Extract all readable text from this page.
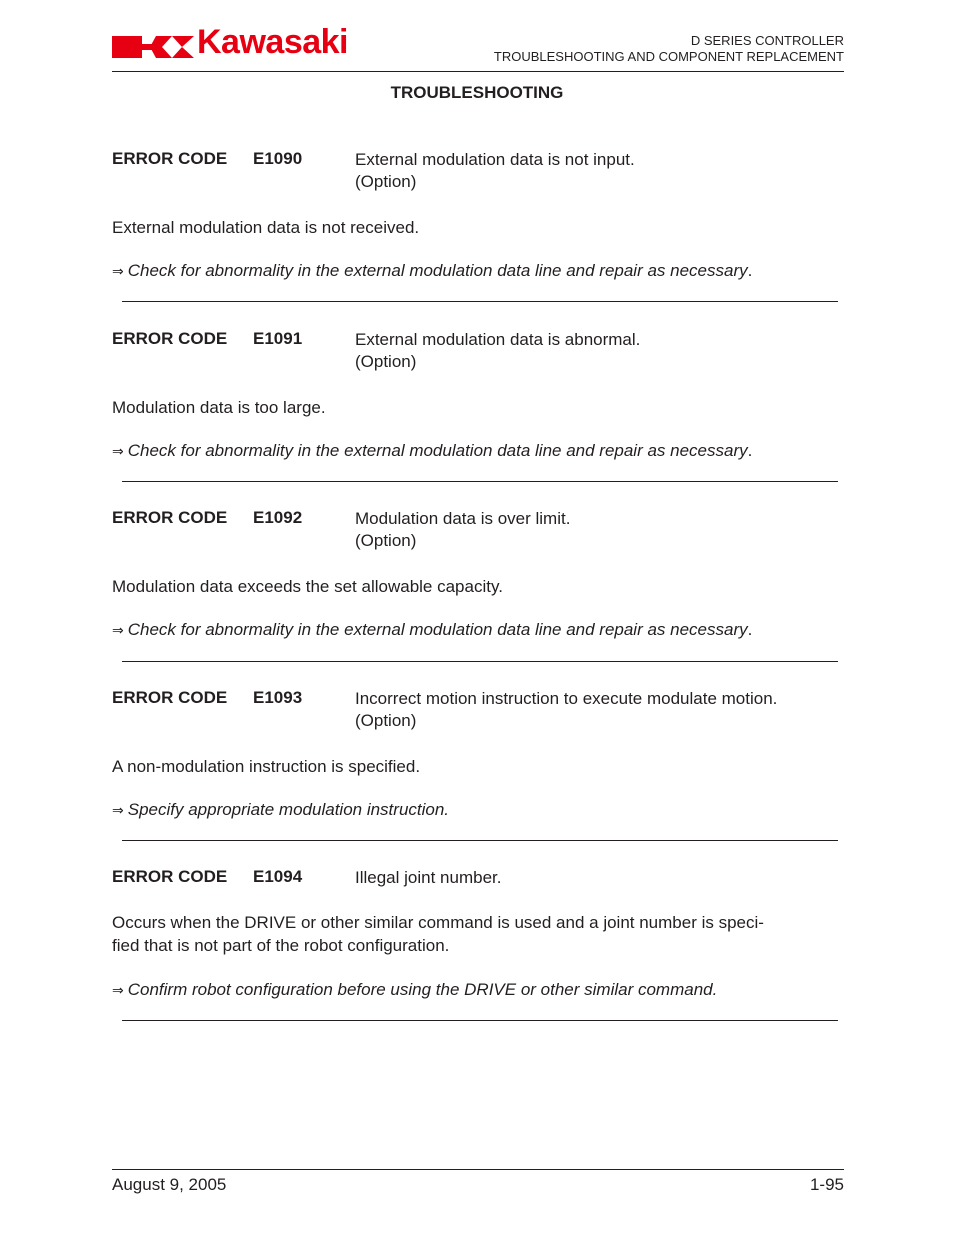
Kawasaki	D SERIES CONTROLLER
TROUBLESHOOTING AND COMPONENT REPLACEMENT
TROUBLESHOOTING
ERROR CODE E1090	External modulation data is not input.
(Option)
External modulation data is not received.
⇒ Check for abnormality in the external modulation data line and repair as necessary.
ERROR CODE E1091	External modulation data is abnormal.
(Option)
Modulation data is too large.
⇒ Check for abnormality in the external modulation data line and repair as necessary.
ERROR CODE E1092	Modulation data is over limit.
(Option)
Modulation data exceeds the set allowable capacity.
⇒ Check for abnormality in the external modulation data line and repair as necessary.
ERROR CODE E1093	Incorrect motion instruction to execute modulate motion.
(Option)
A non-modulation instruction is specified.
⇒ Specify appropriate modulation instruction.
ERROR CODE E1094	Illegal joint number.
Occurs when the DRIVE or other similar command is used and a joint number is speci-
fied that is not part of the robot configuration.
⇒ Confirm robot configuration before using the DRIVE or other similar command.
August 9, 2005	1-95
